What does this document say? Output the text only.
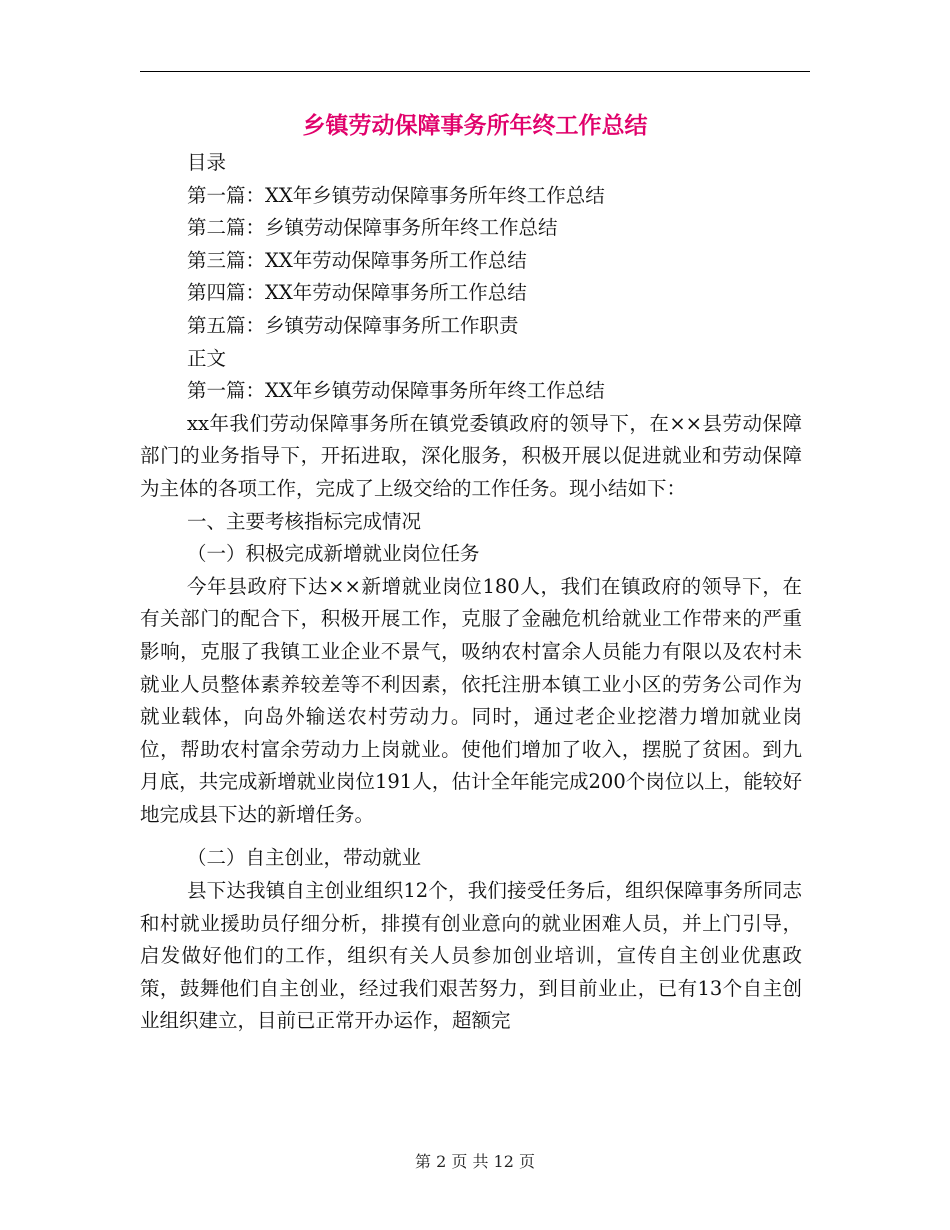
乡镇劳动保障事务所年终工作总结

目录

第一篇：XX年乡镇劳动保障事务所年终工作总结

第二篇：乡镇劳动保障事务所年终工作总结

第三篇：XX年劳动保障事务所工作总结

第四篇：XX年劳动保障事务所工作总结

第五篇：乡镇劳动保障事务所工作职责

正文

第一篇：XX年乡镇劳动保障事务所年终工作总结

xx年我们劳动保障事务所在镇党委镇政府的领导下，在××县劳动保障部门的业务指导下，开拓进取，深化服务，积极开展以促进就业和劳动保障为主体的各项工作，完成了上级交给的工作任务。现小结如下：

一、主要考核指标完成情况

（一）积极完成新增就业岗位任务

今年县政府下达××新增就业岗位180人，我们在镇政府的领导下，在有关部门的配合下，积极开展工作，克服了金融危机给就业工作带来的严重影响，克服了我镇工业企业不景气，吸纳农村富余人员能力有限以及农村未就业人员整体素养较差等不利因素，依托注册本镇工业小区的劳务公司作为就业载体，向岛外输送农村劳动力。同时，通过老企业挖潜力增加就业岗位，帮助农村富余劳动力上岗就业。使他们增加了收入，摆脱了贫困。到九月底，共完成新增就业岗位191人，估计全年能完成200个岗位以上，能较好地完成县下达的新增任务。

（二）自主创业，带动就业

县下达我镇自主创业组织12个，我们接受任务后，组织保障事务所同志和村就业援助员仔细分析，排摸有创业意向的就业困难人员，并上门引导，启发做好他们的工作，组织有关人员参加创业培训，宣传自主创业优惠政策，鼓舞他们自主创业，经过我们艰苦努力，到目前业止，已有13个自主创业组织建立，目前已正常开办运作，超额完

第 2 页 共 12 页
